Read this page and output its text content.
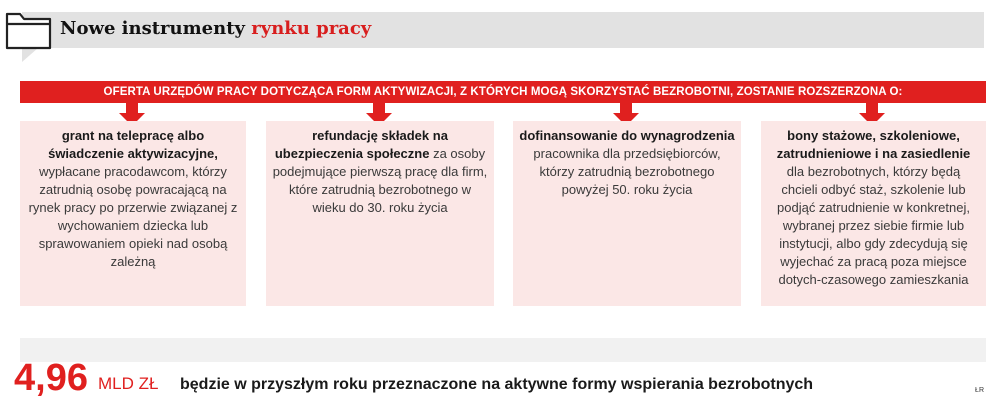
Nowe instrumenty rynku pracy
OFERTA URZĘDÓW PRACY DOTYCZĄCA FORM AKTYWIZACJI, Z KTÓRYCH MOGĄ SKORZYSTAĆ BEZROBOTNI, ZOSTANIE ROZSZERZONA O:
grant na telepracę albo świadczenie aktywizacyjne, wypłacane pracodawcom, którzy zatrudnią osobę powracającą na rynek pracy po przerwie związanej z wychowaniem dziecka lub sprawowaniem opieki nad osobą zależną
refundację składek na ubezpieczenia społeczne za osoby podejmujące pierwszą pracę dla firm, które zatrudnią bezrobotnego w wieku do 30. roku życia
dofinansowanie do wynagrodzenia pracownika dla przedsiębiorców, którzy zatrudnią bezrobotnego powyżej 50. roku życia
bony stażowe, szkoleniowe, zatrudnieniowe i na zasiedlenie dla bezrobotnych, którzy będą chcieli odbyć staż, szkolenie lub podjąć zatrudnienie w konkretnej, wybranej przez siebie firmie lub instytucji, albo gdy zdecydują się wyjechać za pracą poza miejsce dotych-czasowego zamieszkania
4,96 MLD ZŁ będzie w przyszłym roku przeznaczone na aktywne formy wspierania bezrobotnych	ŁR
